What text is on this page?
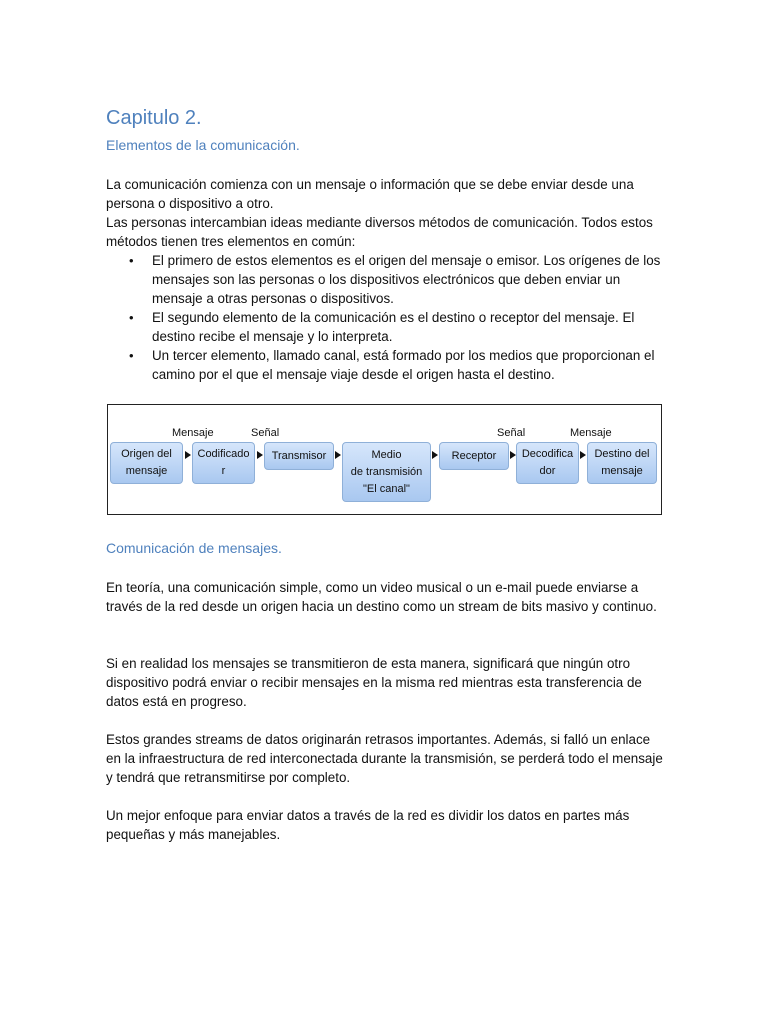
Capitulo 2.
Elementos de la comunicación.

La comunicación comienza con un mensaje o información que se debe enviar desde una persona o dispositivo a otro.

Las personas intercambian ideas mediante diversos métodos de comunicación. Todos estos métodos tienen tres elementos en común:

• El primero de estos elementos es el origen del mensaje o emisor. Los orígenes de los mensajes son las personas o los dispositivos electrónicos que deben enviar un mensaje a otras personas o dispositivos.
• El segundo elemento de la comunicación es el destino o receptor del mensaje. El destino recibe el mensaje y lo interpreta.
• Un tercer elemento, llamado canal, está formado por los medios que proporcionan el camino por el que el mensaje viaje desde el origen hasta el destino.
Mensaje	Señal	Señal	Mensaje
Origen del
mensaje
Codificado
r
Transmisor	Medio
de transmisión
"El canal"
Receptor	Decodifica
dor
Destino del
mensaje
Comunicación de mensajes.

En teoría, una comunicación simple, como un video musical o un e-mail puede enviarse a través de la red desde un origen hacia un destino como un stream de bits masivo y continuo.

Si en realidad los mensajes se transmitieron de esta manera, significará que ningún otro dispositivo podrá enviar o recibir mensajes en la misma red mientras esta transferencia de datos está en progreso.

Estos grandes streams de datos originarán retrasos importantes. Además, si falló un enlace en la infraestructura de red interconectada durante la transmisión, se perderá todo el mensaje y tendrá que retransmitirse por completo.

Un mejor enfoque para enviar datos a través de la red es dividir los datos en partes más pequeñas y más manejables.
